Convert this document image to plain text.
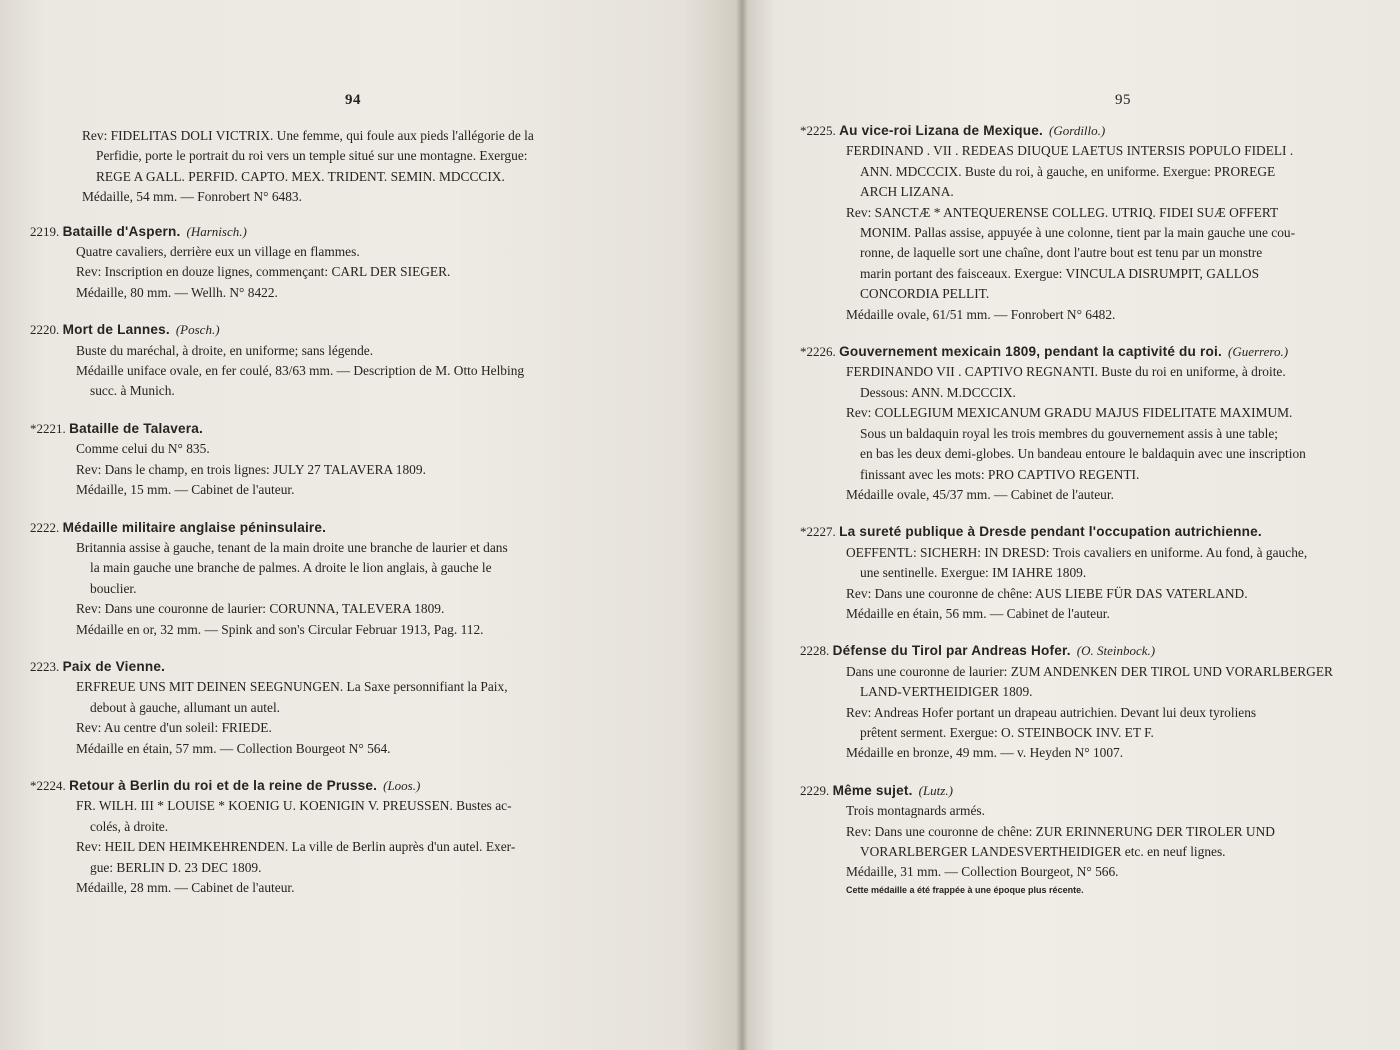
94
Rev: FIDELITAS DOLI VICTRIX. Une femme, qui foule aux pieds l'allégorie de la
Perfidie, porte le portrait du roi vers un temple situé sur une montagne. Exergue:
REGE A GALL. PERFID. CAPTO. MEX. TRIDENT. SEMIN. MDCCCIX.
Médaille, 54 mm. — Fonrobert N° 6483.
2219. Bataille d'Aspern. (Harnisch.)
Quatre cavaliers, derrière eux un village en flammes.
Rev: Inscription en douze lignes, commençant: CARL DER SIEGER.
Médaille, 80 mm. — Wellh. N° 8422.
2220. Mort de Lannes. (Posch.)
Buste du maréchal, à droite, en uniforme; sans légende.
Médaille uniface ovale, en fer coulé, 83/63 mm. — Description de M. Otto Helbing
succ. à Munich.
*2221. Bataille de Talavera.
Comme celui du N° 835.
Rev: Dans le champ, en trois lignes: JULY 27 TALAVERA 1809.
Médaille, 15 mm. — Cabinet de l'auteur.
2222. Médaille militaire anglaise péninsulaire.
Britannia assise à gauche, tenant de la main droite une branche de laurier et dans
la main gauche une branche de palmes. A droite le lion anglais, à gauche le
bouclier.
Rev: Dans une couronne de laurier: CORUNNA, TALEVERA 1809.
Médaille en or, 32 mm. — Spink and son's Circular Februar 1913, Pag. 112.
2223. Paix de Vienne.
ERFREUE UNS MIT DEINEN SEEGNUNGEN. La Saxe personnifiant la Paix,
debout à gauche, allumant un autel.
Rev: Au centre d'un soleil: FRIEDE.
Médaille en étain, 57 mm. — Collection Bourgeot N° 564.
*2224. Retour à Berlin du roi et de la reine de Prusse. (Loos.)
FR. WILH. III * LOUISE * KOENIG U. KOENIGIN V. PREUSSEN. Bustes ac-
colés, à droite.
Rev: HEIL DEN HEIMKEHRENDEN. La ville de Berlin auprès d'un autel. Exer-
gue: BERLIN D. 23 DEC 1809.
Médaille, 28 mm. — Cabinet de l'auteur.
95
*2225. Au vice-roi Lizana de Mexique. (Gordillo.)
FERDINAND . VII . REDEAS DIUQUE LAETUS INTERSIS POPULO FIDELI .
ANN. MDCCCIX. Buste du roi, à gauche, en uniforme. Exergue: PROREGE
ARCH LIZANA.
Rev: SANCTÆ * ANTEQUERENSE COLLEG. UTRIQ. FIDEI SUÆ OFFERT
MONIM. Pallas assise, appuyée à une colonne, tient par la main gauche une cou-
ronne, de laquelle sort une chaîne, dont l'autre bout est tenu par un monstre
marin portant des faisceaux. Exergue: VINCULA DISRUMPIT, GALLOS
CONCORDIA PELLIT.
Médaille ovale, 61/51 mm. — Fonrobert N° 6482.
*2226. Gouvernement mexicain 1809, pendant la captivité du roi. (Guerrero.)
FERDINANDO VII . CAPTIVO REGNANTI. Buste du roi en uniforme, à droite.
Dessous: ANN. M.DCCCIX.
Rev: COLLEGIUM MEXICANUM GRADU MAJUS FIDELITATE MAXIMUM.
Sous un baldaquin royal les trois membres du gouvernement assis à une table;
en bas les deux demi-globes. Un bandeau entoure le baldaquin avec une inscription
finissant avec les mots: PRO CAPTIVO REGENTI.
Médaille ovale, 45/37 mm. — Cabinet de l'auteur.
*2227. La sureté publique à Dresde pendant l'occupation autrichienne.
OEFFENTL: SICHERH: IN DRESD: Trois cavaliers en uniforme. Au fond, à gauche,
une sentinelle. Exergue: IM IAHRE 1809.
Rev: Dans une couronne de chêne: AUS LIEBE FÜR DAS VATERLAND.
Médaille en étain, 56 mm. — Cabinet de l'auteur.
2228. Défense du Tirol par Andreas Hofer. (O. Steinbock.)
Dans une couronne de laurier: ZUM ANDENKEN DER TIROL UND VORARLBERGER
LAND-VERTHEIDIGER 1809.
Rev: Andreas Hofer portant un drapeau autrichien. Devant lui deux tyroliens
prêtent serment. Exergue: O. STEINBOCK INV. ET F.
Médaille en bronze, 49 mm. — v. Heyden N° 1007.
2229. Même sujet. (Lutz.)
Trois montagnards armés.
Rev: Dans une couronne de chêne: ZUR ERINNERUNG DER TIROLER UND
VORARLBERGER LANDESVERTHEIDIGER etc. en neuf lignes.
Médaille, 31 mm. — Collection Bourgeot, N° 566.
Cette médaille a été frappée à une époque plus récente.
